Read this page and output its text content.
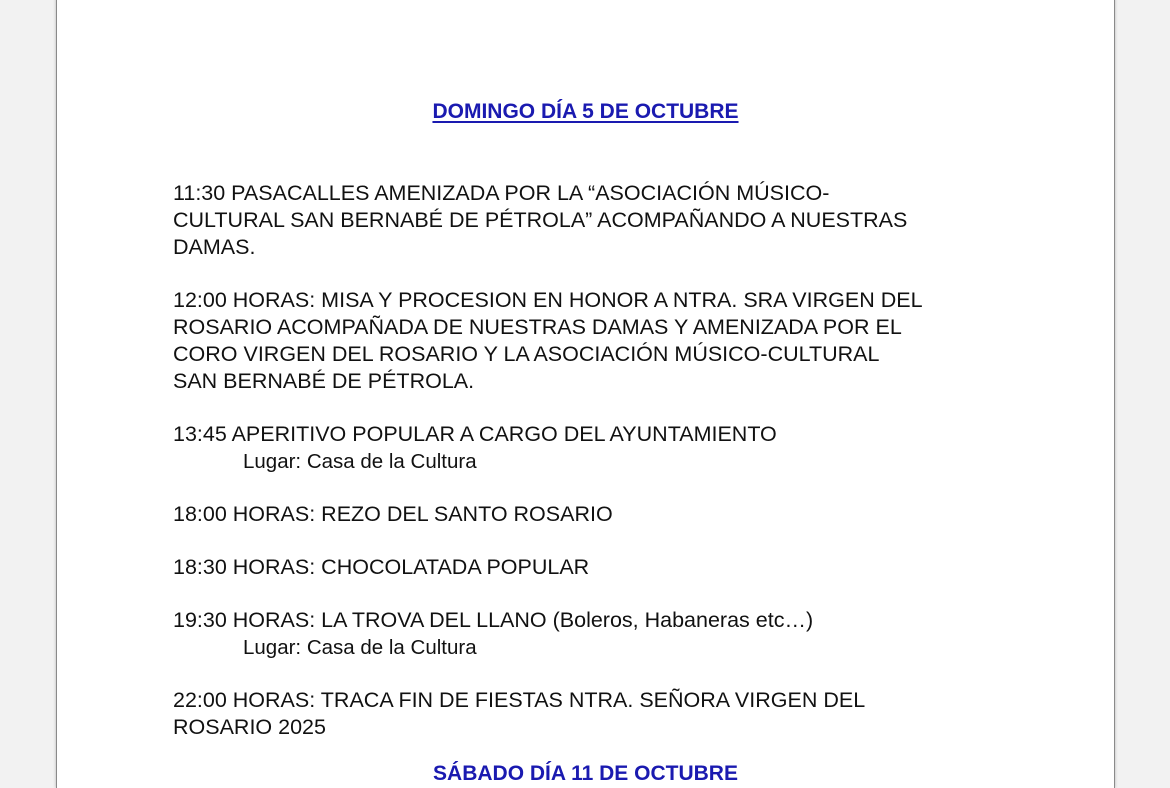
DOMINGO DÍA 5 DE OCTUBRE

11:30 PASACALLES AMENIZADA POR LA “ASOCIACIÓN MÚSICO-
CULTURAL SAN BERNABÉ DE PÉTROLA” ACOMPAÑANDO A NUESTRAS
DAMAS.

12:00 HORAS: MISA Y PROCESION EN HONOR A NTRA. SRA VIRGEN DEL
ROSARIO ACOMPAÑADA DE NUESTRAS DAMAS Y AMENIZADA POR EL
CORO VIRGEN DEL ROSARIO Y LA ASOCIACIÓN MÚSICO-CULTURAL
SAN BERNABÉ DE PÉTROLA.

13:45 APERITIVO POPULAR A CARGO DEL AYUNTAMIENTO

Lugar: Casa de la Cultura

18:00 HORAS: REZO DEL SANTO ROSARIO

18:30 HORAS: CHOCOLATADA POPULAR

19:30 HORAS: LA TROVA DEL LLANO (Boleros, Habaneras etc…)

Lugar: Casa de la Cultura

22:00 HORAS: TRACA FIN DE FIESTAS NTRA. SEÑORA VIRGEN DEL
ROSARIO 2025

SÁBADO DÍA 11 DE OCTUBRE
